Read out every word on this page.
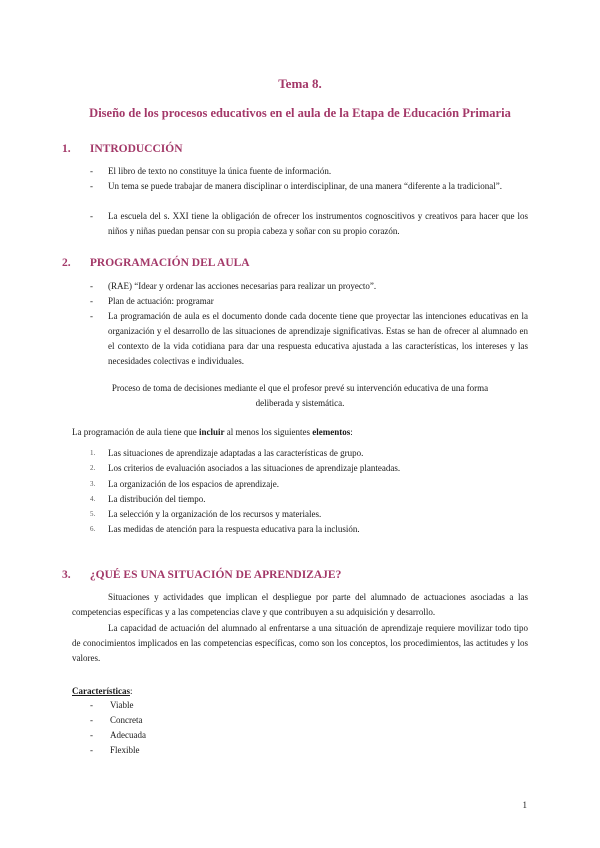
Tema 8.
Diseño de los procesos educativos en el aula de la Etapa de Educación Primaria
1. INTRODUCCIÓN
- El libro de texto no constituye la única fuente de información.
- Un tema se puede trabajar de manera disciplinar o interdisciplinar, de una manera “diferente a la tradicional”.
- La escuela del s. XXI tiene la obligación de ofrecer los instrumentos cognoscitivos y creativos para hacer que los niños y niñas puedan pensar con su propia cabeza y soñar con su propio corazón.
2. PROGRAMACIÓN DEL AULA
- (RAE) “Idear y ordenar las acciones necesarias para realizar un proyecto”.
- Plan de actuación: programar
- La programación de aula es el documento donde cada docente tiene que proyectar las intenciones educativas en la organización y el desarrollo de las situaciones de aprendizaje significativas. Estas se han de ofrecer al alumnado en el contexto de la vida cotidiana para dar una respuesta educativa ajustada a las características, los intereses y las necesidades colectivas e individuales.
Proceso de toma de decisiones mediante el que el profesor prevé su intervención educativa de una forma
deliberada y sistemática.
La programación de aula tiene que incluir al menos los siguientes elementos:
1. Las situaciones de aprendizaje adaptadas a las características de grupo.
2. Los criterios de evaluación asociados a las situaciones de aprendizaje planteadas.
3. La organización de los espacios de aprendizaje.
4. La distribución del tiempo.
5. La selección y la organización de los recursos y materiales.
6. Las medidas de atención para la respuesta educativa para la inclusión.
3. ¿QUÉ ES UNA SITUACIÓN DE APRENDIZAJE?
Situaciones y actividades que implican el despliegue por parte del alumnado de actuaciones asociadas a las competencias específicas y a las competencias clave y que contribuyen a su adquisición y desarrollo.
La capacidad de actuación del alumnado al enfrentarse a una situación de aprendizaje requiere movilizar todo tipo de conocimientos implicados en las competencias específicas, como son los conceptos, los procedimientos, las actitudes y los valores.
Características:
- Viable
- Concreta
- Adecuada
- Flexible
1
